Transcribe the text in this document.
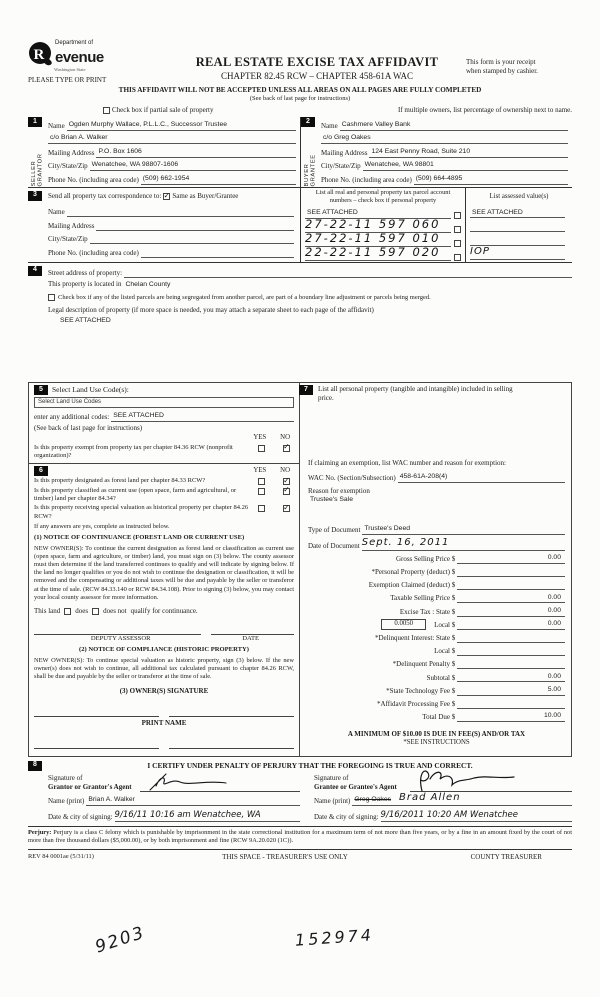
R
Department of
evenue
Washington State
PLEASE TYPE OR PRINT
REAL ESTATE EXCISE TAX AFFIDAVIT
CHAPTER 82.45 RCW – CHAPTER 458-61A WAC
This form is your receipt
when stamped by cashier.
THIS AFFIDAVIT WILL NOT BE ACCEPTED UNLESS ALL AREAS ON ALL PAGES ARE FULLY COMPLETED
(See back of last page for instructions)
Check box if partial sale of property	If multiple owners, list percentage of ownership next to name.
1
SELLER GRANTOR
Name Ogden Murphy Wallace, P.L.L.C., Successor Trustee
c/o Brian A. Walker
Mailing Address P.O. Box 1606
City/State/Zip Wenatchee, WA 98807-1606
Phone No. (including area code) (509) 662-1954
2
BUYER GRANTEE
Name Cashmere Valley Bank
c/o Greg Oakes
Mailing Address 124 East Penny Road, Suite 210
City/State/Zip Wenatchee, WA 98801
Phone No. (including area code) (509) 664-4895
3	Send all property tax correspondence to: ✓ Same as Buyer/Grantee
Name
Mailing Address
City/State/Zip
Phone No. (including area code)
List all real and personal property tax parcel account numbers – check box if personal property
SEE ATTACHED
27-22-11 597 060
27-22-11 597 010
22-22-11 597 020
List assessed value(s)
SEE ATTACHED
IOP
4	Street address of property:
This property is located in Chelan County
Check box if any of the listed parcels are being segregated from another parcel, are part of a boundary line adjustment or parcels being merged.
Legal description of property (if more space is needed, you may attach a separate sheet to each page of the affidavit)
SEE ATTACHED
5	Select Land Use Code(s):
Select Land Use Codes
enter any additional codes: SEE ATTACHED
(See back of last page for instructions)
YES NO
Is this property exempt from property tax per chapter 84.36 RCW (nonprofit organization)?
✓
6	YES NO
Is this property designated as forest land per chapter 84.33 RCW?
✓
Is this property classified as current use (open space, farm and agricultural, or timber) land per chapter 84.34?
✓
Is this property receiving special valuation as historical property per chapter 84.26 RCW?
✓
If any answers are yes, complete as instructed below.
(1) NOTICE OF CONTINUANCE (FOREST LAND OR CURRENT USE)
NEW OWNER(S): To continue the current designation as forest land or classification as current use (open space, farm and agriculture, or timber) land, you must sign on (3) below. The county assessor must then determine if the land transferred continues to qualify and will indicate by signing below. If the land no longer qualifies or you do not wish to continue the designation or classification, it will be removed and the compensating or additional taxes will be due and payable by the seller or transferor at the time of sale. (RCW 84.33.140 or RCW 84.34.108). Prior to signing (3) below, you may contact your local county assessor for more information.
This land does does not qualify for continuance.
DEPUTY ASSESSOR	DATE
(2) NOTICE OF COMPLIANCE (HISTORIC PROPERTY)
NEW OWNER(S): To continue special valuation as historic property, sign (3) below. If the new owner(s) does not wish to continue, all additional tax calculated pursuant to chapter 84.26 RCW, shall be due and payable by the seller or transferor at the time of sale.
(3) OWNER(S) SIGNATURE
PRINT NAME
7	List all personal property (tangible and intangible) included in selling
price.
If claiming an exemption, list WAC number and reason for exemption:
WAC No. (Section/Subsection) 458-61A-208(4)
Reason for exemption
Trustee's Sale
Type of Document Trustee's Deed
Date of Document Sept. 16, 2011
Gross Selling Price $	0.00
*Personal Property (deduct) $
Exemption Claimed (deduct) $
Taxable Selling Price $	0.00
Excise Tax : State $	0.00
0.0050	Local $	0.00
*Delinquent Interest: State $
Local $
*Delinquent Penalty $
Subtotal $	0.00
*State Technology Fee $	5.00
*Affidavit Processing Fee $
Total Due $	10.00
A MINIMUM OF $10.00 IS DUE IN FEE(S) AND/OR TAX
*SEE INSTRUCTIONS
8	I CERTIFY UNDER PENALTY OF PERJURY THAT THE FOREGOING IS TRUE AND CORRECT.
Signature of
Grantor or Grantor's Agent
Name (print) Brian A. Walker
Date & city of signing: 9/16/11 10:16 am Wenatchee, WA
Signature of
Grantee or Grantee's Agent
Name (print) Greg Oakes Brad Allen
Date & city of signing: 9/16/2011 10:20 AM Wenatchee
Perjury: Perjury is a class C felony which is punishable by imprisonment in the state correctional institution for a maximum term of not more than five years, or by a fine in an amount fixed by the court of not more than five thousand dollars ($5,000.00), or by both imprisonment and fine (RCW 9A.20.020 (1C)).
REV 84 0001ae (5/31/11)	THIS SPACE - TREASURER'S USE ONLY	COUNTY TREASURER
9203	152974
